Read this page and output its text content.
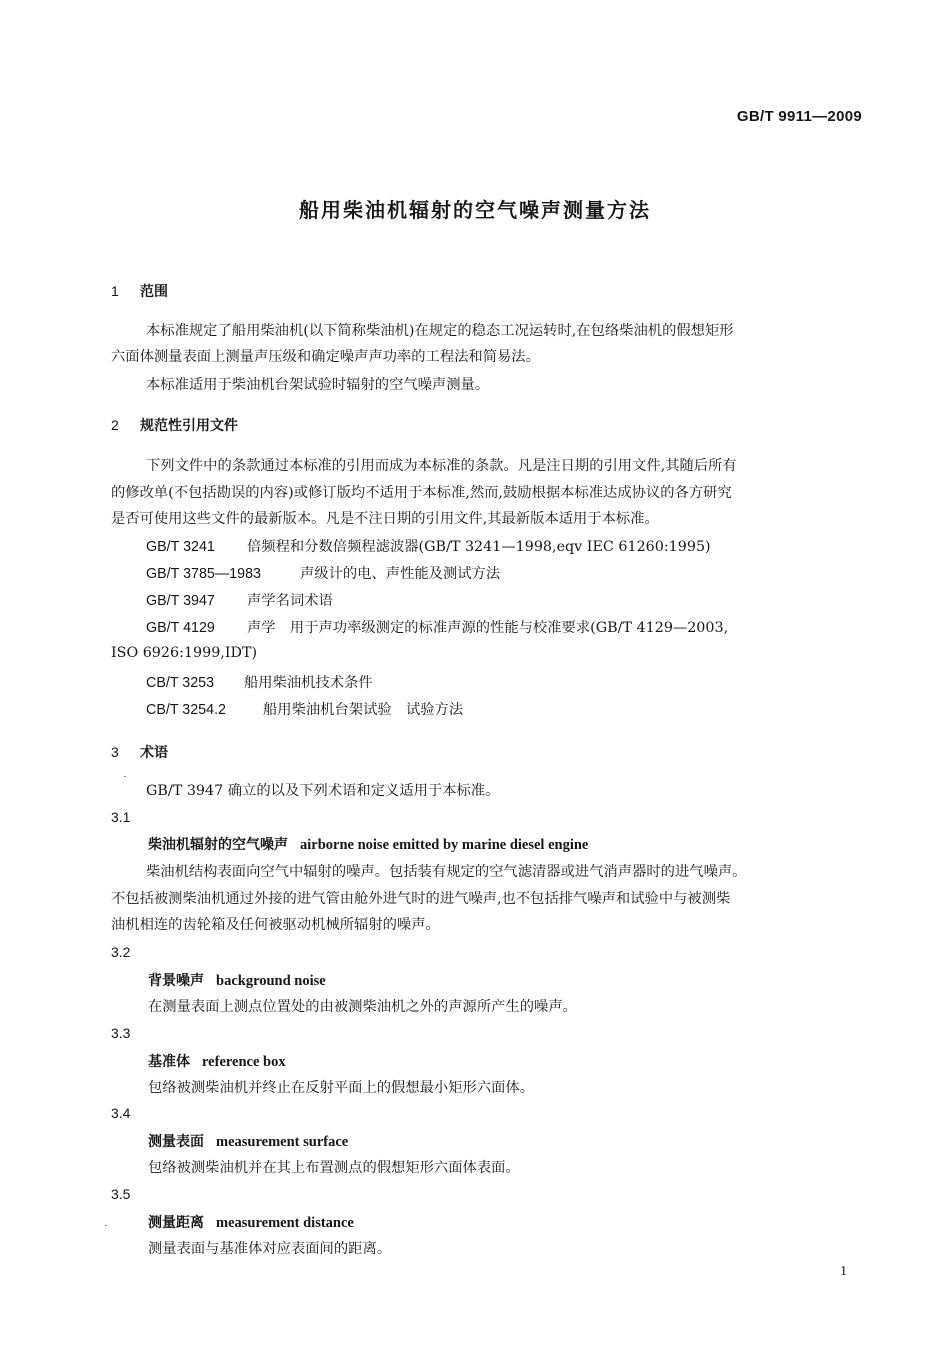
GB/T 9911—2009
船用柴油机辐射的空气噪声测量方法
1 范围
本标准规定了船用柴油机(以下简称柴油机)在规定的稳态工况运转时,在包络柴油机的假想矩形
六面体测量表面上测量声压级和确定噪声声功率的工程法和简易法。
本标准适用于柴油机台架试验时辐射的空气噪声测量。
2 规范性引用文件
下列文件中的条款通过本标准的引用而成为本标准的条款。凡是注日期的引用文件,其随后所有
的修改单(不包括勘误的内容)或修订版均不适用于本标准,然而,鼓励根据本标准达成协议的各方研究
是否可使用这些文件的最新版本。凡是不注日期的引用文件,其最新版本适用于本标准。
GB/T 3241 倍频程和分数倍频程滤波器(GB/T 3241—1998,eqv IEC 61260:1995)
GB/T 3785—1983	声级计的电、声性能及测试方法
GB/T 3947 声学名词术语
GB/T 4129 声学　用于声功率级测定的标准声源的性能与校准要求(GB/T 4129—2003,
ISO 6926:1999,IDT)
CB/T 3253 船用柴油机技术条件
CB/T 3254.2	船用柴油机台架试验　试验方法
3 术语
GB/T 3947 确立的以及下列术语和定义适用于本标准。
3.1
柴油机辐射的空气噪声 airborne noise emitted by marine diesel engine
柴油机结构表面向空气中辐射的噪声。包括装有规定的空气滤清器或进气消声器时的进气噪声。
不包括被测柴油机通过外接的进气管由舱外进气时的进气噪声,也不包括排气噪声和试验中与被测柴
油机相连的齿轮箱及任何被驱动机械所辐射的噪声。
3.2
背景噪声 background noise
在测量表面上测点位置处的由被测柴油机之外的声源所产生的噪声。
3.3
基准体 reference box
包络被测柴油机并终止在反射平面上的假想最小矩形六面体。
3.4
测量表面 measurement surface
包络被测柴油机并在其上布置测点的假想矩形六面体表面。
3.5
测量距离 measurement distance
测量表面与基准体对应表面间的距离。
1
